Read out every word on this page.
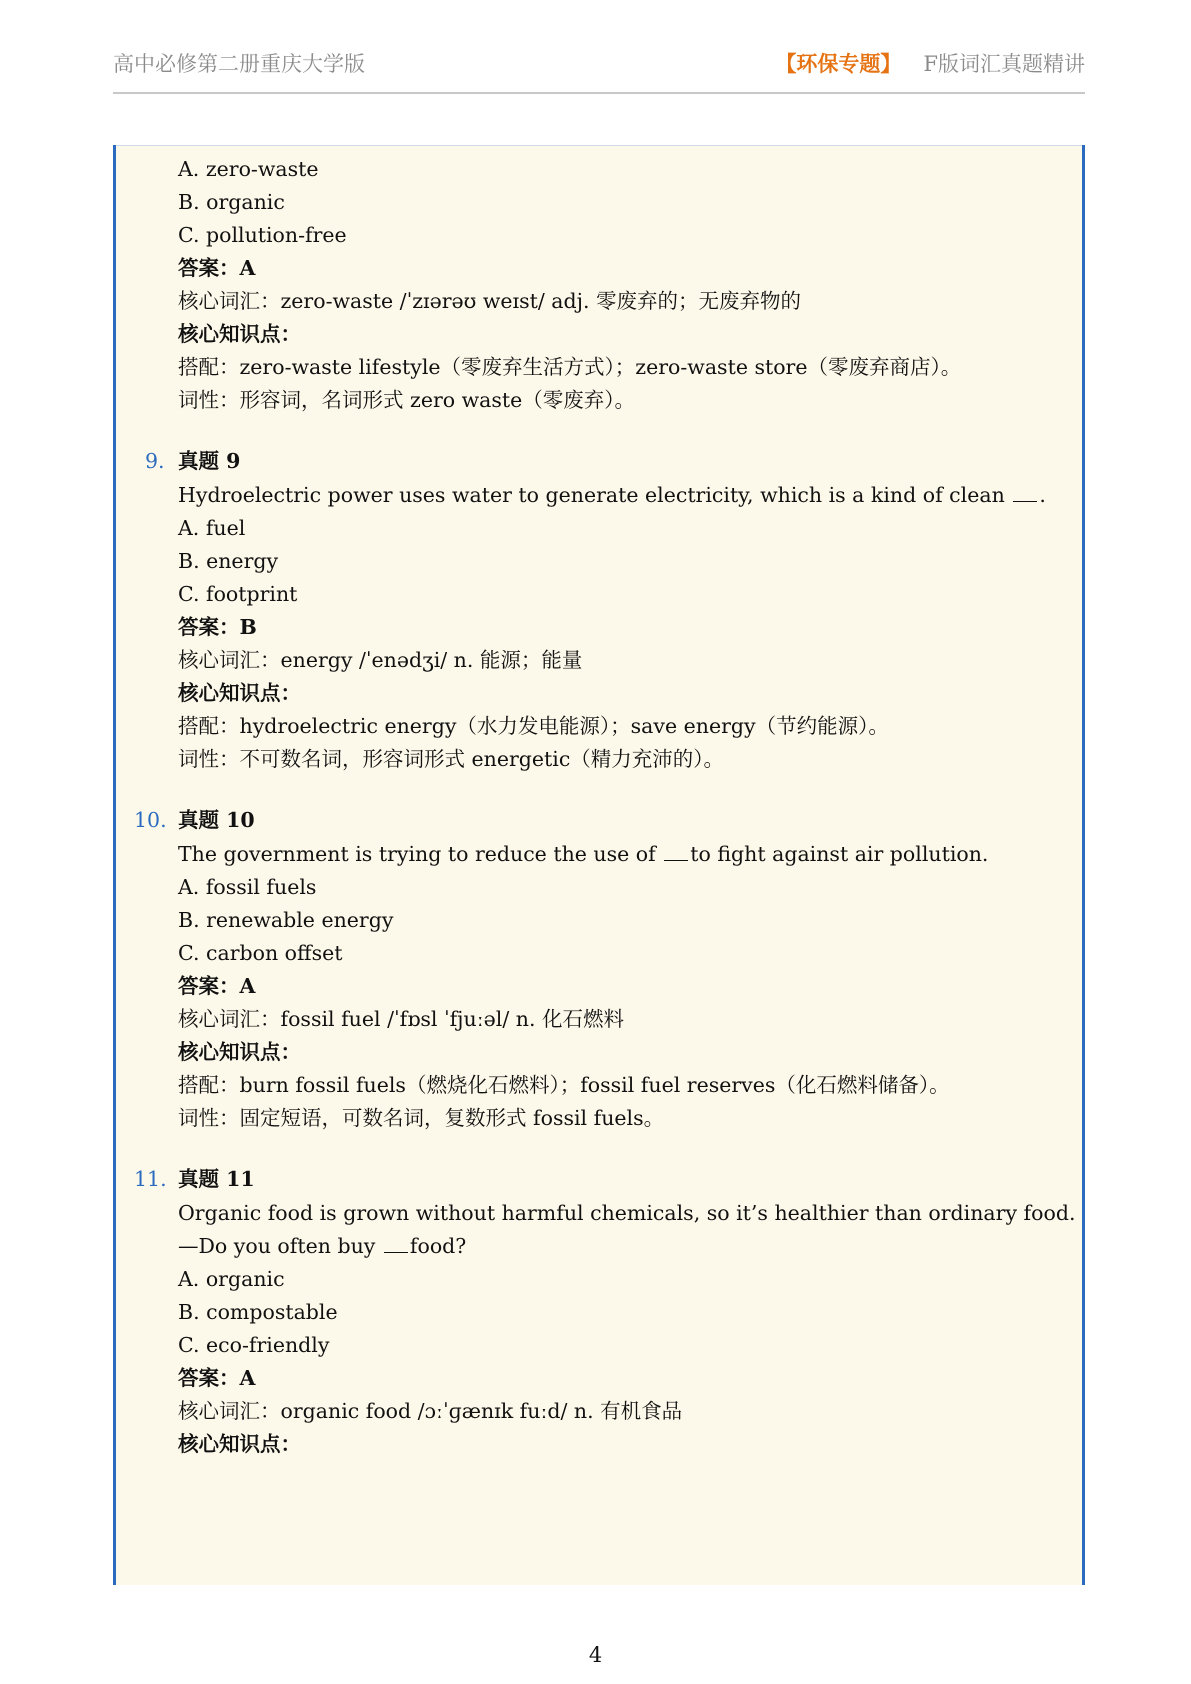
高中必修第二册重庆大学版	【环保专题】 F版词汇真题精讲
A. zero-waste
B. organic
C. pollution-free
答案：A
核心词汇：zero-waste /ˈzɪərəʊ weɪst/ adj. 零废弃的；无废弃物的
核心知识点：
搭配：zero-waste lifestyle（零废弃生活方式）；zero-waste store（零废弃商店）。
词性：形容词，名词形式 zero waste（零废弃）。
9. 真题 9
Hydroelectric power uses water to generate electricity, which is a kind of clean .
A. fuel
B. energy
C. footprint
答案：B
核心词汇：energy /ˈenədʒi/ n. 能源；能量
核心知识点：
搭配：hydroelectric energy（水力发电能源）；save energy（节约能源）。
词性：不可数名词，形容词形式 energetic（精力充沛的）。
10. 真题 10
The government is trying to reduce the use of to fight against air pollution.
A. fossil fuels
B. renewable energy
C. carbon offset
答案：A
核心词汇：fossil fuel /ˈfɒsl ˈfjuːəl/ n. 化石燃料
核心知识点：
搭配：burn fossil fuels（燃烧化石燃料）；fossil fuel reserves（化石燃料储备）。
词性：固定短语，可数名词，复数形式 fossil fuels。
11. 真题 11
Organic food is grown without harmful chemicals, so it’s healthier than ordinary food.
—Do you often buy food?
A. organic
B. compostable
C. eco-friendly
答案：A
核心词汇：organic food /ɔːˈɡænɪk fuːd/ n. 有机食品
核心知识点：
4
